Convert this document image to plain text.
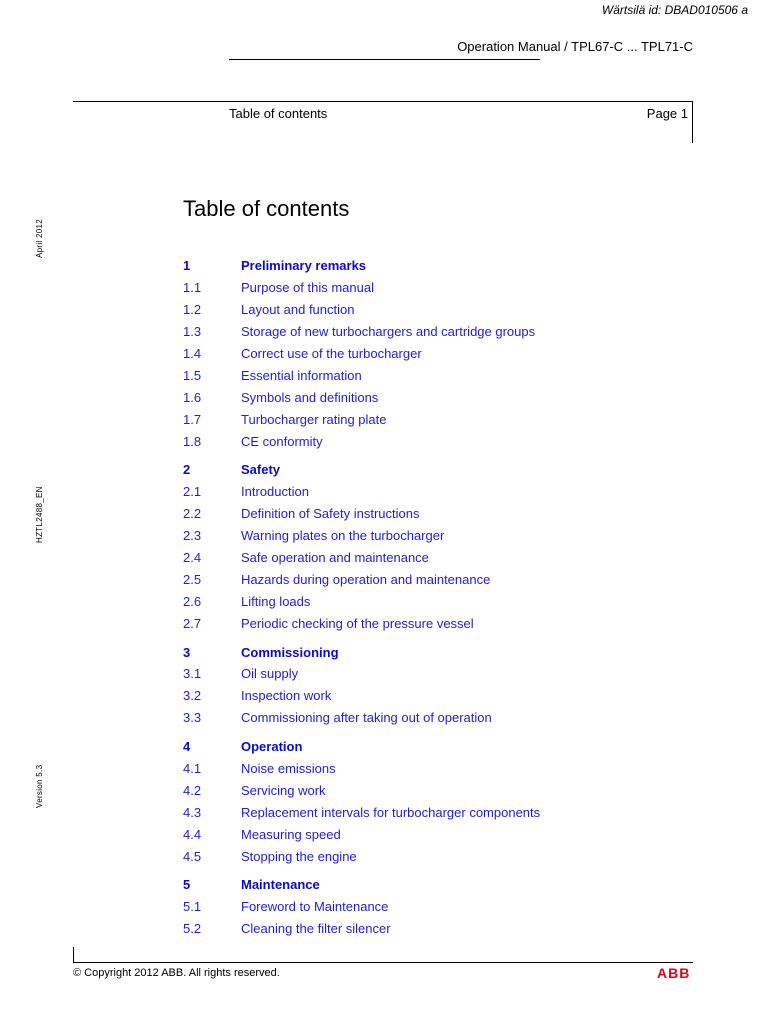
Wärtsilä id: DBAD010506 a
Operation Manual / TPL67-C ... TPL71-C
Table of contents	Page 1
April 2012
HZTL2488_EN
Version 5.3
Table of contents
1	Preliminary remarks
1.1	Purpose of this manual
1.2	Layout and function
1.3	Storage of new turbochargers and cartridge groups
1.4	Correct use of the turbocharger
1.5	Essential information
1.6	Symbols and definitions
1.7	Turbocharger rating plate
1.8	CE conformity
2	Safety
2.1	Introduction
2.2	Definition of Safety instructions
2.3	Warning plates on the turbocharger
2.4	Safe operation and maintenance
2.5	Hazards during operation and maintenance
2.6	Lifting loads
2.7	Periodic checking of the pressure vessel
3	Commissioning
3.1	Oil supply
3.2	Inspection work
3.3	Commissioning after taking out of operation
4	Operation
4.1	Noise emissions
4.2	Servicing work
4.3	Replacement intervals for turbocharger components
4.4	Measuring speed
4.5	Stopping the engine
5	Maintenance
5.1	Foreword to Maintenance
5.2	Cleaning the filter silencer
© Copyright 2012 ABB. All rights reserved.	ABB
